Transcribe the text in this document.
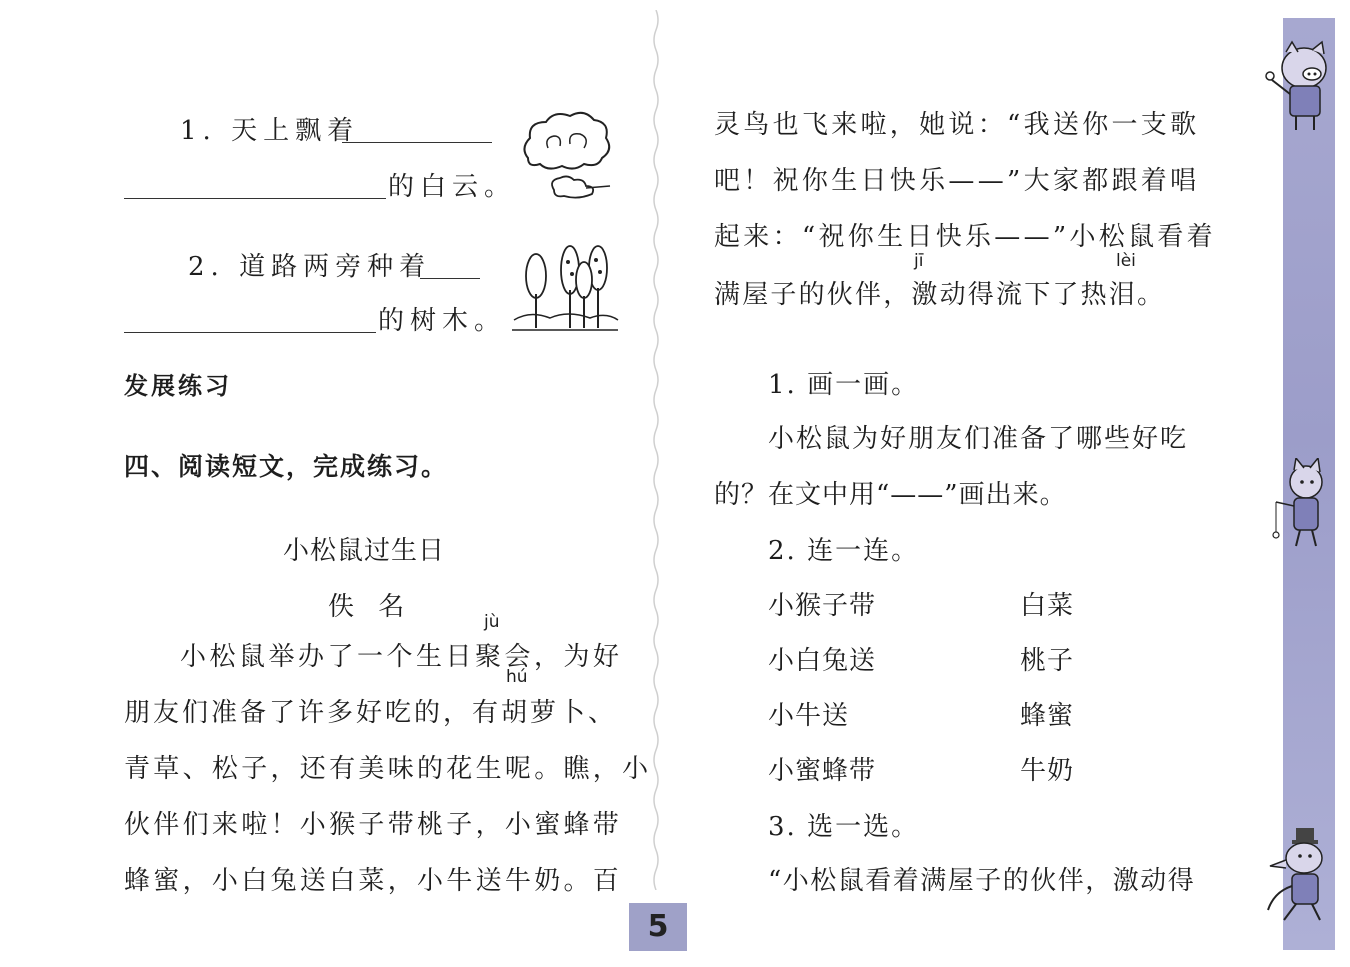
1. 天上飘着
的白云。
2. 道路两旁种着
的树木。
发展练习
四、阅读短文，完成练习。
小松鼠过生日
佚 名	jù
hú
小松鼠举办了一个生日聚会，为好
朋友们准备了许多好吃的，有胡萝卜、
青草、松子，还有美味的花生呢。瞧，小
伙伴们来啦！小猴子带桃子，小蜜蜂带
蜂蜜，小白兔送白菜，小牛送牛奶。百
灵鸟也飞来啦，她说：“我送你一支歌
吧！祝你生日快乐——”大家都跟着唱
起来：“祝你生日快乐——”小松鼠看着
jī	lèi
满屋子的伙伴，激动得流下了热泪。
1. 画一画。
小松鼠为好朋友们准备了哪些好吃
的？在文中用“——”画出来。
2. 连一连。
小猴子带	白菜
小白兔送	桃子
小牛送	蜂蜜
小蜜蜂带	牛奶
3. 选一选。
“小松鼠看着满屋子的伙伴，激动得
5
